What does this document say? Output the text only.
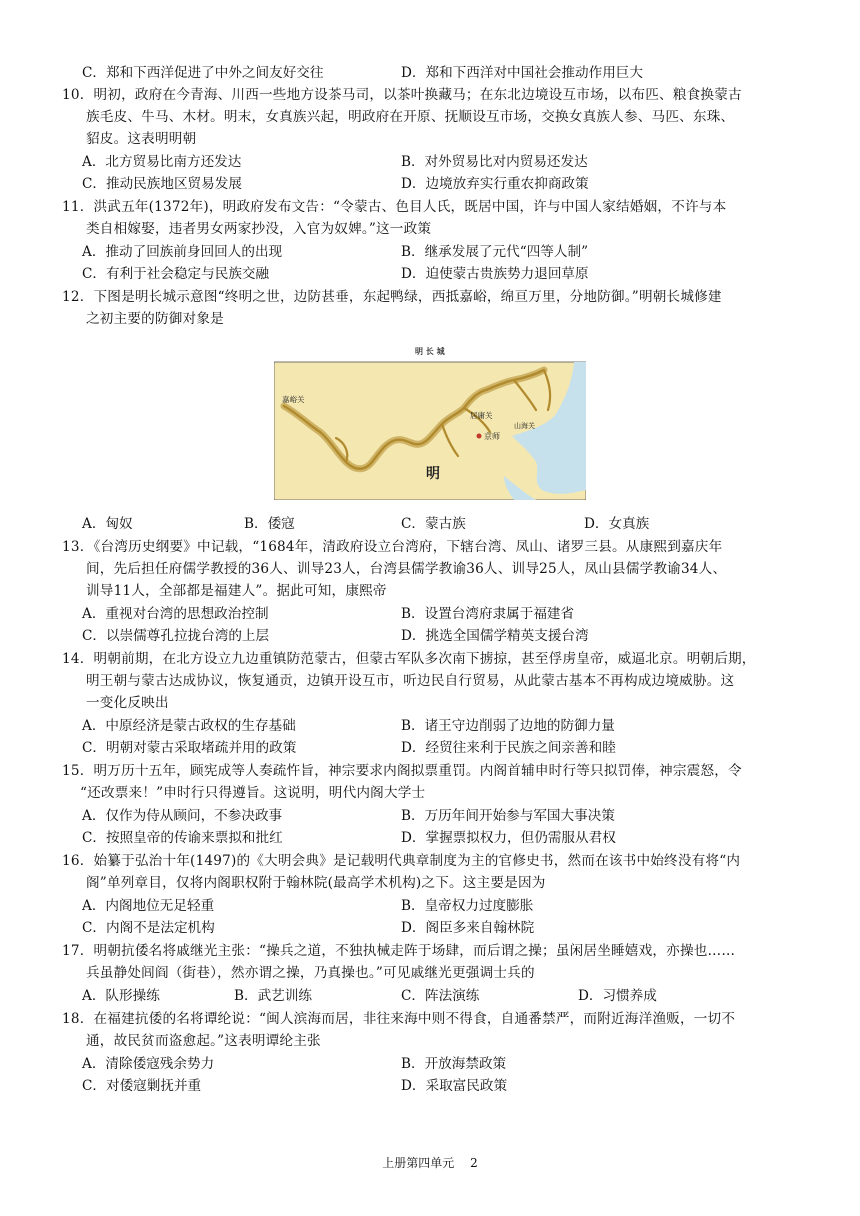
C．郑和下西洋促进了中外之间友好交往	D．郑和下西洋对中国社会推动作用巨大
10．明初，政府在今青海、川西一些地方设茶马司，以茶叶换藏马；在东北边境设互市场，以布匹、粮食换蒙古
族毛皮、牛马、木材。明末，女真族兴起，明政府在开原、抚顺设互市场，交换女真族人参、马匹、东珠、
貂皮。这表明明朝
A．北方贸易比南方还发达	B．对外贸易比对内贸易还发达
C．推动民族地区贸易发展	D．边境放弃实行重农抑商政策
11．洪武五年(1372年)，明政府发布文告：“令蒙古、色目人氏，既居中国，许与中国人家结婚姻，不许与本
类自相嫁娶，违者男女两家抄没，入官为奴婢。”这一政策
A．推动了回族前身回回人的出现	B．继承发展了元代“四等人制”
C．有利于社会稳定与民族交融	D．迫使蒙古贵族势力退回草原
12．下图是明长城示意图“终明之世，边防甚垂，东起鸭绿，西抵嘉峪，绵亘万里，分地防御。”明朝长城修建
之初主要的防御对象是
明 长 城
嘉峪关
居庸关
京师
山海关
明
A．匈奴	B．倭寇	C．蒙古族	D．女真族
13．《台湾历史纲要》中记载，“1684年，清政府设立台湾府，下辖台湾、凤山、诸罗三县。从康熙到嘉庆年
间，先后担任府儒学教授的36人、训导23人，台湾县儒学教谕36人、训导25人，凤山县儒学教谕34人、
训导11人，全部都是福建人”。据此可知，康熙帝
A．重视对台湾的思想政治控制	B．设置台湾府隶属于福建省
C．以崇儒尊孔拉拢台湾的上层	D．挑选全国儒学精英支援台湾
14．明朝前期，在北方设立九边重镇防范蒙古，但蒙古军队多次南下掳掠，甚至俘虏皇帝，威逼北京。明朝后期，
明王朝与蒙古达成协议，恢复通贡，边镇开设互市，听边民自行贸易，从此蒙古基本不再构成边境威胁。这
一变化反映出
A．中原经济是蒙古政权的生存基础	B．诸王守边削弱了边地的防御力量
C．明朝对蒙古采取堵疏并用的政策	D．经贸往来利于民族之间亲善和睦
15．明万历十五年，顾宪成等人奏疏忤旨，神宗要求内阁拟票重罚。内阁首辅申时行等只拟罚俸，神宗震怒，令
“还改票来！”申时行只得遵旨。这说明，明代内阁大学士
A．仅作为侍从顾问，不参决政事	B．万历年间开始参与军国大事决策
C．按照皇帝的传谕来票拟和批红	D．掌握票拟权力，但仍需服从君权
16．始纂于弘治十年(1497)的《大明会典》是记载明代典章制度为主的官修史书，然而在该书中始终没有将“内
阁”单列章目，仅将内阁职权附于翰林院(最高学术机构)之下。这主要是因为
A．内阁地位无足轻重	B．皇帝权力过度膨胀
C．内阁不是法定机构	D．阁臣多来自翰林院
17．明朝抗倭名将戚继光主张：“操兵之道，不独执械走阵于场肆，而后谓之操；虽闲居坐睡嬉戏，亦操也……
兵虽静处闾阎（街巷），然亦谓之操，乃真操也。”可见戚继光更强调士兵的
A．队形操练	B．武艺训练	C．阵法演练	D．习惯养成
18．在福建抗倭的名将谭纶说：“闽人滨海而居，非往来海中则不得食，自通番禁严，而附近海洋渔贩，一切不
通，故民贫而盗愈起。”这表明谭纶主张
A．清除倭寇残余势力	B．开放海禁政策
C．对倭寇剿抚并重	D．采取富民政策
上册第四单元 2
